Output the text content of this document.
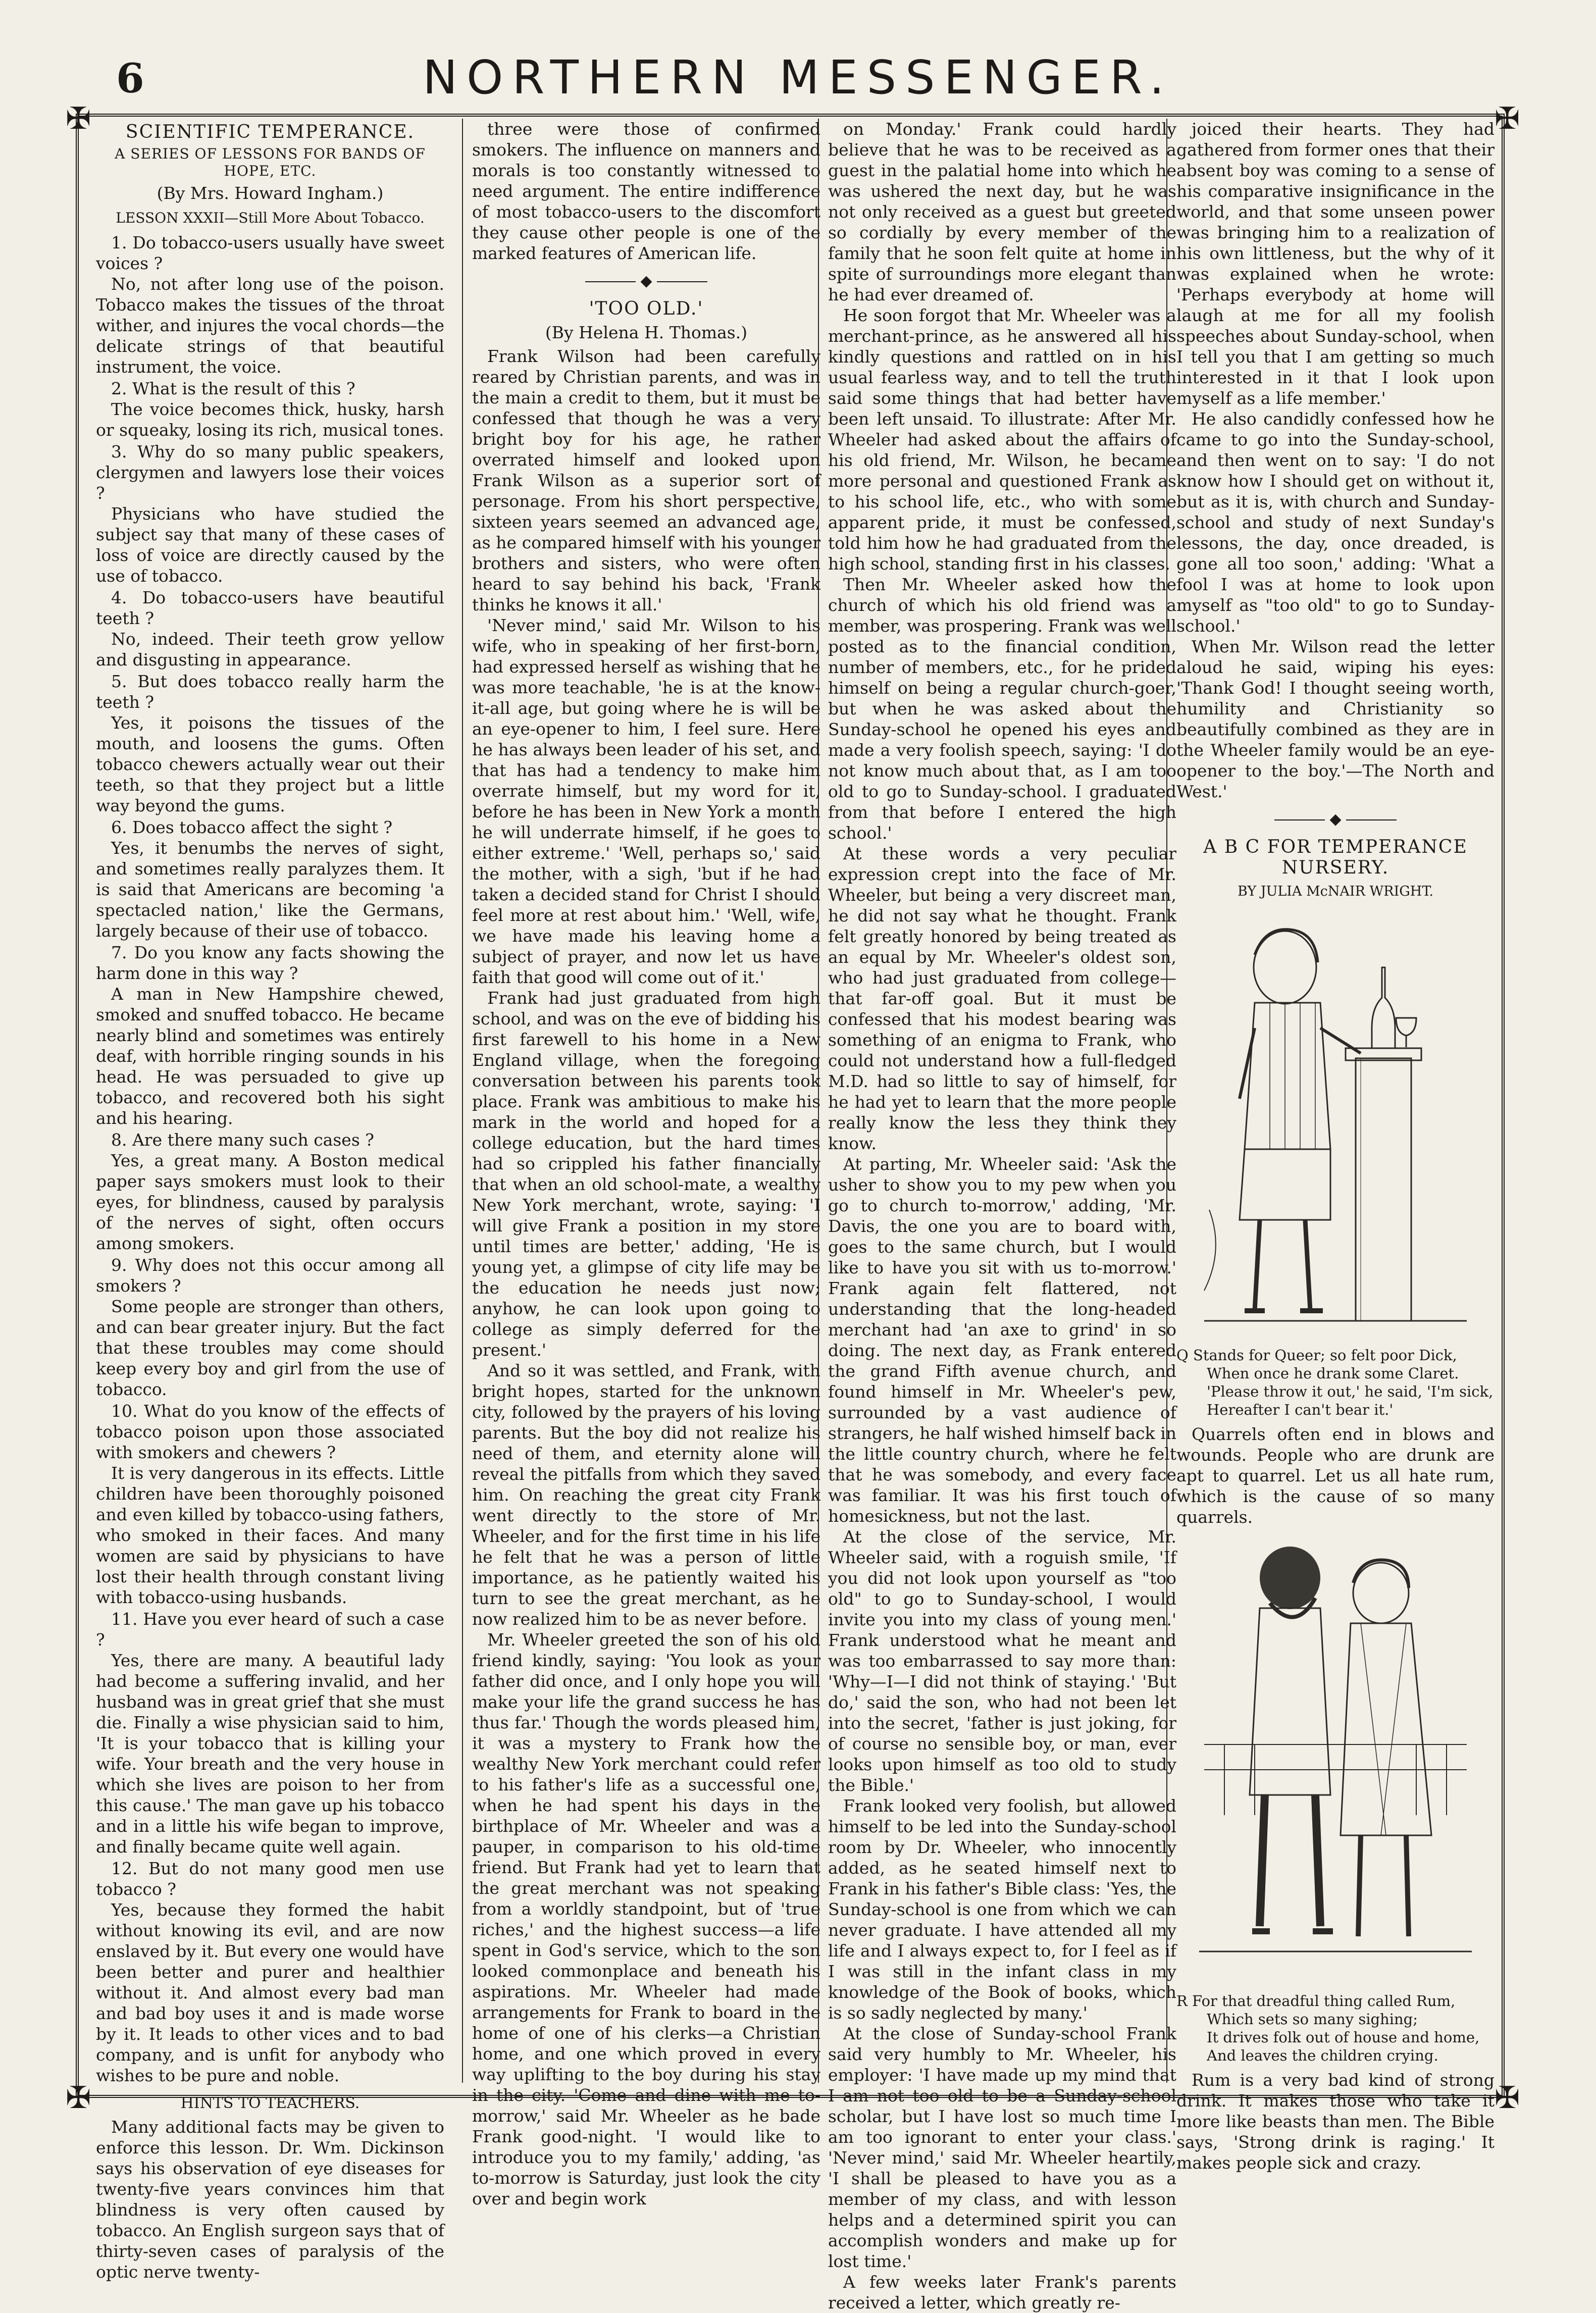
6	NORTHERN MESSENGER.
✠	✠
✠	✠
SCIENTIFIC TEMPERANCE.
A SERIES OF LESSONS FOR BANDS OF HOPE, ETC.
(By Mrs. Howard Ingham.)
LESSON XXXII—Still More About Tobacco.

1. Do tobacco-users usually have sweet voices ?

No, not after long use of the poison. Tobacco makes the tissues of the throat wither, and injures the vocal chords—the delicate strings of that beautiful instrument, the voice.

2. What is the result of this ?

The voice becomes thick, husky, harsh or squeaky, losing its rich, musical tones.

3. Why do so many public speakers, clergymen and lawyers lose their voices ?

Physicians who have studied the subject say that many of these cases of loss of voice are directly caused by the use of tobacco.

4. Do tobacco-users have beautiful teeth ?

No, indeed. Their teeth grow yellow and disgusting in appearance.

5. But does tobacco really harm the teeth ?

Yes, it poisons the tissues of the mouth, and loosens the gums. Often tobacco chewers actually wear out their teeth, so that they project but a little way beyond the gums.

6. Does tobacco affect the sight ?

Yes, it benumbs the nerves of sight, and sometimes really paralyzes them. It is said that Americans are becoming 'a spectacled nation,' like the Germans, largely because of their use of tobacco.

7. Do you know any facts showing the harm done in this way ?

A man in New Hampshire chewed, smoked and snuffed tobacco. He became nearly blind and sometimes was entirely deaf, with horrible ringing sounds in his head. He was persuaded to give up tobacco, and recovered both his sight and his hearing.

8. Are there many such cases ?

Yes, a great many. A Boston medical paper says smokers must look to their eyes, for blindness, caused by paralysis of the nerves of sight, often occurs among smokers.

9. Why does not this occur among all smokers ?

Some people are stronger than others, and can bear greater injury. But the fact that these troubles may come should keep every boy and girl from the use of tobacco.

10. What do you know of the effects of tobacco poison upon those associated with smokers and chewers ?

It is very dangerous in its effects. Little children have been thoroughly poisoned and even killed by tobacco-using fathers, who smoked in their faces. And many women are said by physicians to have lost their health through constant living with tobacco-using husbands.

11. Have you ever heard of such a case ?

Yes, there are many. A beautiful lady had become a suffering invalid, and her husband was in great grief that she must die. Finally a wise physician said to him, 'It is your tobacco that is killing your wife. Your breath and the very house in which she lives are poison to her from this cause.' The man gave up his tobacco and in a little his wife began to improve, and finally became quite well again.

12. But do not many good men use tobacco ?

Yes, because they formed the habit without knowing its evil, and are now enslaved by it. But every one would have been better and purer and healthier without it. And almost every bad man and bad boy uses it and is made worse by it. It leads to other vices and to bad company, and is unfit for anybody who wishes to be pure and noble.

HINTS TO TEACHERS.

Many additional facts may be given to enforce this lesson. Dr. Wm. Dickinson says his observation of eye diseases for twenty-five years convinces him that blindness is very often caused by tobacco. An English surgeon says that of thirty-seven cases of paralysis of the optic nerve twenty-

three were those of confirmed smokers. The influence on manners and morals is too constantly witnessed to need argument. The entire indifference of most tobacco-users to the discomfort they cause other people is one of the marked features of American life.

◆
'TOO OLD.'
(By Helena H. Thomas.)

Frank Wilson had been carefully reared by Christian parents, and was in the main a credit to them, but it must be confessed that though he was a very bright boy for his age, he rather overrated himself and looked upon Frank Wilson as a superior sort of personage. From his short perspective, sixteen years seemed an advanced age, as he compared himself with his younger brothers and sisters, who were often heard to say behind his back, 'Frank thinks he knows it all.'

'Never mind,' said Mr. Wilson to his wife, who in speaking of her first-born, had expressed herself as wishing that he was more teachable, 'he is at the know-it-all age, but going where he is will be an eye-opener to him, I feel sure. Here he has always been leader of his set, and that has had a tendency to make him overrate himself, but my word for it, before he has been in New York a month he will underrate himself, if he goes to either extreme.' 'Well, perhaps so,' said the mother, with a sigh, 'but if he had taken a decided stand for Christ I should feel more at rest about him.' 'Well, wife, we have made his leaving home a subject of prayer, and now let us have faith that good will come out of it.'

Frank had just graduated from high school, and was on the eve of bidding his first farewell to his home in a New England village, when the foregoing conversation between his parents took place. Frank was ambitious to make his mark in the world and hoped for a college education, but the hard times had so crippled his father financially that when an old school-mate, a wealthy New York merchant, wrote, saying: 'I will give Frank a position in my store until times are better,' adding, 'He is young yet, a glimpse of city life may be the education he needs just now; anyhow, he can look upon going to college as simply deferred for the present.'

And so it was settled, and Frank, with bright hopes, started for the unknown city, followed by the prayers of his loving parents. But the boy did not realize his need of them, and eternity alone will reveal the pitfalls from which they saved him. On reaching the great city Frank went directly to the store of Mr. Wheeler, and for the first time in his life he felt that he was a person of little importance, as he patiently waited his turn to see the great merchant, as he now realized him to be as never before.

Mr. Wheeler greeted the son of his old friend kindly, saying: 'You look as your father did once, and I only hope you will make your life the grand success he has thus far.' Though the words pleased him, it was a mystery to Frank how the wealthy New York merchant could refer to his father's life as a successful one, when he had spent his days in the birthplace of Mr. Wheeler and was a pauper, in comparison to his old-time friend. But Frank had yet to learn that the great merchant was not speaking from a worldly standpoint, but of 'true riches,' and the highest success—a life spent in God's service, which to the son looked commonplace and beneath his aspirations. Mr. Wheeler had made arrangements for Frank to board in the home of one of his clerks—a Christian home, and one which proved in every way uplifting to the boy during his stay in the city. 'Come and dine with me to-morrow,' said Mr. Wheeler as he bade Frank good-night. 'I would like to introduce you to my family,' adding, 'as to-morrow is Saturday, just look the city over and begin work

on Monday.' Frank could hardly believe that he was to be received as a guest in the palatial home into which he was ushered the next day, but he was not only received as a guest but greeted so cordially by every member of the family that he soon felt quite at home in spite of surroundings more elegant than he had ever dreamed of.

He soon forgot that Mr. Wheeler was a merchant-prince, as he answered all his kindly questions and rattled on in his usual fearless way, and to tell the truth said some things that had better have been left unsaid. To illustrate: After Mr. Wheeler had asked about the affairs of his old friend, Mr. Wilson, he became more personal and questioned Frank as to his school life, etc., who with some apparent pride, it must be confessed, told him how he had graduated from the high school, standing first in his classes.

Then Mr. Wheeler asked how the church of which his old friend was a member, was prospering. Frank was well posted as to the financial condition, number of members, etc., for he prided himself on being a regular church-goer, but when he was asked about the Sunday-school he opened his eyes and made a very foolish speech, saying: 'I do not know much about that, as I am too old to go to Sunday-school. I graduated from that before I entered the high school.'

At these words a very peculiar expression crept into the face of Mr. Wheeler, but being a very discreet man, he did not say what he thought. Frank felt greatly honored by being treated as an equal by Mr. Wheeler's oldest son, who had just graduated from college—that far-off goal. But it must be confessed that his modest bearing was something of an enigma to Frank, who could not understand how a full-fledged M.D. had so little to say of himself, for he had yet to learn that the more people really know the less they think they know.

At parting, Mr. Wheeler said: 'Ask the usher to show you to my pew when you go to church to-morrow,' adding, 'Mr. Davis, the one you are to board with, goes to the same church, but I would like to have you sit with us to-morrow.' Frank again felt flattered, not understanding that the long-headed merchant had 'an axe to grind' in so doing. The next day, as Frank entered the grand Fifth avenue church, and found himself in Mr. Wheeler's pew, surrounded by a vast audience of strangers, he half wished himself back in the little country church, where he felt that he was somebody, and every face was familiar. It was his first touch of homesickness, but not the last.

At the close of the service, Mr. Wheeler said, with a roguish smile, 'If you did not look upon yourself as "too old" to go to Sunday-school, I would invite you into my class of young men.' Frank understood what he meant and was too embarrassed to say more than: 'Why—I—I did not think of staying.' 'But do,' said the son, who had not been let into the secret, 'father is just joking, for of course no sensible boy, or man, ever looks upon himself as too old to study the Bible.'

Frank looked very foolish, but allowed himself to be led into the Sunday-school room by Dr. Wheeler, who innocently added, as he seated himself next to Frank in his father's Bible class: 'Yes, the Sunday-school is one from which we can never graduate. I have attended all my life and I always expect to, for I feel as if I was still in the infant class in my knowledge of the Book of books, which is so sadly neglected by many.'

At the close of Sunday-school Frank said very humbly to Mr. Wheeler, his employer: 'I have made up my mind that I am not too old to be a Sunday-school scholar, but I have lost so much time I am too ignorant to enter your class.' 'Never mind,' said Mr. Wheeler heartily, 'I shall be pleased to have you as a member of my class, and with lesson helps and a determined spirit you can accomplish wonders and make up for lost time.'

A few weeks later Frank's parents received a letter, which greatly re-

joiced their hearts. They had gathered from former ones that their absent boy was coming to a sense of his comparative insignificance in the world, and that some unseen power was bringing him to a realization of his own littleness, but the why of it was explained when he wrote: 'Perhaps everybody at home will laugh at me for all my foolish speeches about Sunday-school, when I tell you that I am getting so much interested in it that I look upon myself as a life member.'

He also candidly confessed how he came to go into the Sunday-school, and then went on to say: 'I do not know how I should get on without it, but as it is, with church and Sunday-school and study of next Sunday's lessons, the day, once dreaded, is gone all too soon,' adding: 'What a fool I was at home to look upon myself as "too old" to go to Sunday-school.'

When Mr. Wilson read the letter aloud he said, wiping his eyes: 'Thank God! I thought seeing worth, humility and Christianity so beautifully combined as they are in the Wheeler family would be an eye-opener to the boy.'—The North and West.'

◆
A B C FOR TEMPERANCE NURSERY.
BY JULIA McNAIR WRIGHT.
Q Stands for Queer; so felt poor Dick,
When once he drank some Claret.
'Please throw it out,' he said, 'I'm sick,
Hereafter I can't bear it.'

Quarrels often end in blows and wounds. People who are drunk are apt to quarrel. Let us all hate rum, which is the cause of so many quarrels.

R For that dreadful thing called Rum,
Which sets so many sighing;
It drives folk out of house and home,
And leaves the children crying.

Rum is a very bad kind of strong drink. It makes those who take it more like beasts than men. The Bible says, 'Strong drink is raging.' It makes people sick and crazy.
